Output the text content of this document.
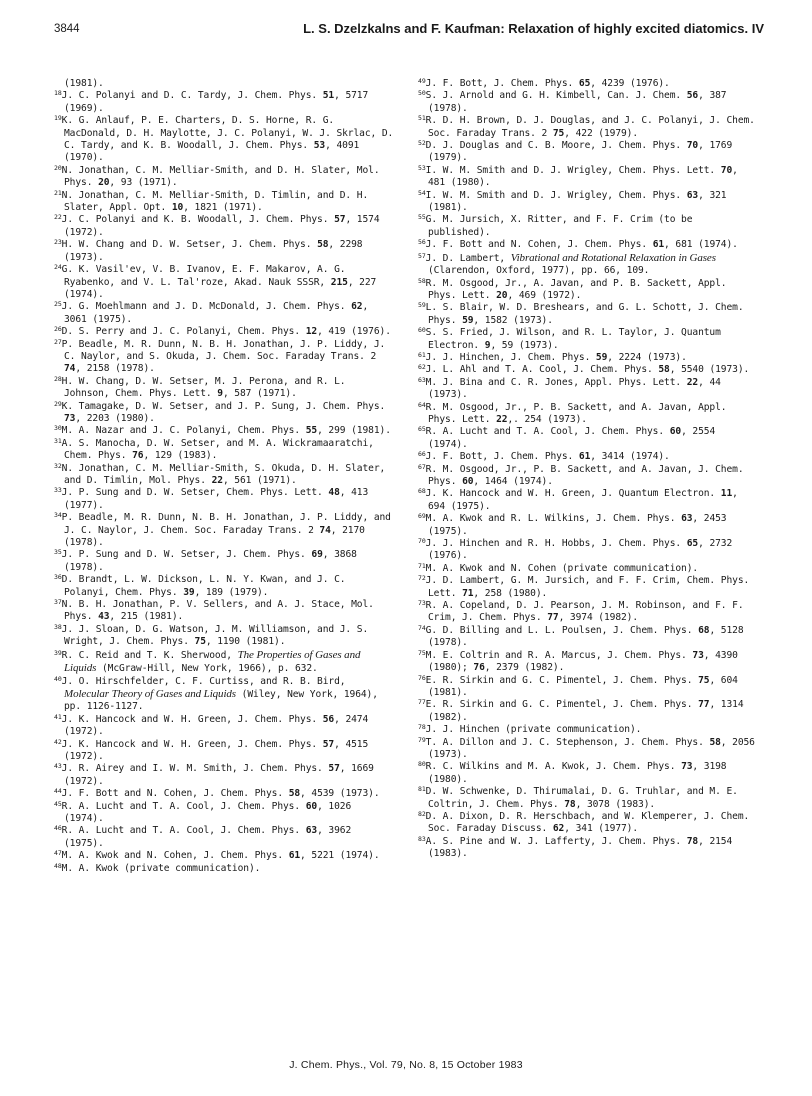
3844	L. S. Dzelzkalns and F. Kaufman: Relaxation of highly excited diatomics. IV

(1981).

$^{18}$J. C. Polanyi and D. C. Tardy, J. Chem. Phys. 51, 5717 (1969).

$^{19}$K. G. Anlauf, P. E. Charters, D. S. Horne, R. G. MacDonald, D. H. Maylotte, J. C. Polanyi, W. J. Skrlac, D. C. Tardy, and K. B. Woodall, J. Chem. Phys. 53, 4091 (1970).

$^{20}$N. Jonathan, C. M. Melliar-Smith, and D. H. Slater, Mol. Phys. 20, 93 (1971).

$^{21}$N. Jonathan, C. M. Melliar-Smith, D. Timlin, and D. H. Slater, Appl. Opt. 10, 1821 (1971).

$^{22}$J. C. Polanyi and K. B. Woodall, J. Chem. Phys. 57, 1574 (1972).

$^{23}$H. W. Chang and D. W. Setser, J. Chem. Phys. 58, 2298 (1973).

$^{24}$G. K. Vasil'ev, V. B. Ivanov, E. F. Makarov, A. G. Ryabenko, and V. L. Tal'roze, Akad. Nauk SSSR, 215, 227 (1974).

$^{25}$J. G. Moehlmann and J. D. McDonald, J. Chem. Phys. 62, 3061 (1975).

$^{26}$D. S. Perry and J. C. Polanyi, Chem. Phys. 12, 419 (1976).

$^{27}$P. Beadle, M. R. Dunn, N. B. H. Jonathan, J. P. Liddy, J. C. Naylor, and S. Okuda, J. Chem. Soc. Faraday Trans. 2 74, 2158 (1978).

$^{28}$H. W. Chang, D. W. Setser, M. J. Perona, and R. L. Johnson, Chem. Phys. Lett. 9, 587 (1971).

$^{29}$K. Tamagake, D. W. Setser, and J. P. Sung, J. Chem. Phys. 73, 2203 (1980).

$^{30}$M. A. Nazar and J. C. Polanyi, Chem. Phys. 55, 299 (1981).

$^{31}$A. S. Manocha, D. W. Setser, and M. A. Wickramaaratchi, Chem. Phys. 76, 129 (1983).

$^{32}$N. Jonathan, C. M. Melliar-Smith, S. Okuda, D. H. Slater, and D. Timlin, Mol. Phys. 22, 561 (1971).

$^{33}$J. P. Sung and D. W. Setser, Chem. Phys. Lett. 48, 413 (1977).

$^{34}$P. Beadle, M. R. Dunn, N. B. H. Jonathan, J. P. Liddy, and J. C. Naylor, J. Chem. Soc. Faraday Trans. 2 74, 2170 (1978).

$^{35}$J. P. Sung and D. W. Setser, J. Chem. Phys. 69, 3868 (1978).

$^{36}$D. Brandt, L. W. Dickson, L. N. Y. Kwan, and J. C. Polanyi, Chem. Phys. 39, 189 (1979).

$^{37}$N. B. H. Jonathan, P. V. Sellers, and A. J. Stace, Mol. Phys. 43, 215 (1981).

$^{38}$J. J. Sloan, D. G. Watson, J. M. Williamson, and J. S. Wright, J. Chem. Phys. 75, 1190 (1981).

$^{39}$R. C. Reid and T. K. Sherwood, The Properties of Gases and Liquids (McGraw-Hill, New York, 1966), p. 632.

$^{40}$J. O. Hirschfelder, C. F. Curtiss, and R. B. Bird, Molecular Theory of Gases and Liquids (Wiley, New York, 1964), pp. 1126-1127.

$^{41}$J. K. Hancock and W. H. Green, J. Chem. Phys. 56, 2474 (1972).

$^{42}$J. K. Hancock and W. H. Green, J. Chem. Phys. 57, 4515 (1972).

$^{43}$J. R. Airey and I. W. M. Smith, J. Chem. Phys. 57, 1669 (1972).

$^{44}$J. F. Bott and N. Cohen, J. Chem. Phys. 58, 4539 (1973).

$^{45}$R. A. Lucht and T. A. Cool, J. Chem. Phys. 60, 1026 (1974).

$^{46}$R. A. Lucht and T. A. Cool, J. Chem. Phys. 63, 3962 (1975).

$^{47}$M. A. Kwok and N. Cohen, J. Chem. Phys. 61, 5221 (1974).

$^{48}$M. A. Kwok (private communication).

$^{49}$J. F. Bott, J. Chem. Phys. 65, 4239 (1976).

$^{50}$S. J. Arnold and G. H. Kimbell, Can. J. Chem. 56, 387 (1978).

$^{51}$R. D. H. Brown, D. J. Douglas, and J. C. Polanyi, J. Chem. Soc. Faraday Trans. 2 75, 422 (1979).

$^{52}$D. J. Douglas and C. B. Moore, J. Chem. Phys. 70, 1769 (1979).

$^{53}$I. W. M. Smith and D. J. Wrigley, Chem. Phys. Lett. 70, 481 (1980).

$^{54}$I. W. M. Smith and D. J. Wrigley, Chem. Phys. 63, 321 (1981).

$^{55}$G. M. Jursich, X. Ritter, and F. F. Crim (to be published).

$^{56}$J. F. Bott and N. Cohen, J. Chem. Phys. 61, 681 (1974).

$^{57}$J. D. Lambert, Vibrational and Rotational Relaxation in Gases (Clarendon, Oxford, 1977), pp. 66, 109.

$^{58}$R. M. Osgood, Jr., A. Javan, and P. B. Sackett, Appl. Phys. Lett. 20, 469 (1972).

$^{59}$L. S. Blair, W. D. Breshears, and G. L. Schott, J. Chem. Phys. 59, 1582 (1973).

$^{60}$S. S. Fried, J. Wilson, and R. L. Taylor, J. Quantum Electron. 9, 59 (1973).

$^{61}$J. J. Hinchen, J. Chem. Phys. 59, 2224 (1973).

$^{62}$J. L. Ahl and T. A. Cool, J. Chem. Phys. 58, 5540 (1973).

$^{63}$M. J. Bina and C. R. Jones, Appl. Phys. Lett. 22, 44 (1973).

$^{64}$R. M. Osgood, Jr., P. B. Sackett, and A. Javan, Appl. Phys. Lett. 22,. 254 (1973).

$^{65}$R. A. Lucht and T. A. Cool, J. Chem. Phys. 60, 2554 (1974).

$^{66}$J. F. Bott, J. Chem. Phys. 61, 3414 (1974).

$^{67}$R. M. Osgood, Jr., P. B. Sackett, and A. Javan, J. Chem. Phys. 60, 1464 (1974).

$^{68}$J. K. Hancock and W. H. Green, J. Quantum Electron. 11, 694 (1975).

$^{69}$M. A. Kwok and R. L. Wilkins, J. Chem. Phys. 63, 2453 (1975).

$^{70}$J. J. Hinchen and R. H. Hobbs, J. Chem. Phys. 65, 2732 (1976).

$^{71}$M. A. Kwok and N. Cohen (private communication).

$^{72}$J. D. Lambert, G. M. Jursich, and F. F. Crim, Chem. Phys. Lett. 71, 258 (1980).

$^{73}$R. A. Copeland, D. J. Pearson, J. M. Robinson, and F. F. Crim, J. Chem. Phys. 77, 3974 (1982).

$^{74}$G. D. Billing and L. L. Poulsen, J. Chem. Phys. 68, 5128 (1978).

$^{75}$M. E. Coltrin and R. A. Marcus, J. Chem. Phys. 73, 4390 (1980); 76, 2379 (1982).

$^{76}$E. R. Sirkin and G. C. Pimentel, J. Chem. Phys. 75, 604 (1981).

$^{77}$E. R. Sirkin and G. C. Pimentel, J. Chem. Phys. 77, 1314 (1982).

$^{78}$J. J. Hinchen (private communication).

$^{79}$T. A. Dillon and J. C. Stephenson, J. Chem. Phys. 58, 2056 (1973).

$^{80}$R. C. Wilkins and M. A. Kwok, J. Chem. Phys. 73, 3198 (1980).

$^{81}$D. W. Schwenke, D. Thirumalai, D. G. Truhlar, and M. E. Coltrin, J. Chem. Phys. 78, 3078 (1983).

$^{82}$D. A. Dixon, D. R. Herschbach, and W. Klemperer, J. Chem. Soc. Faraday Discuss. 62, 341 (1977).

$^{83}$A. S. Pine and W. J. Lafferty, J. Chem. Phys. 78, 2154 (1983).

J. Chem. Phys., Vol. 79, No. 8, 15 October 1983
